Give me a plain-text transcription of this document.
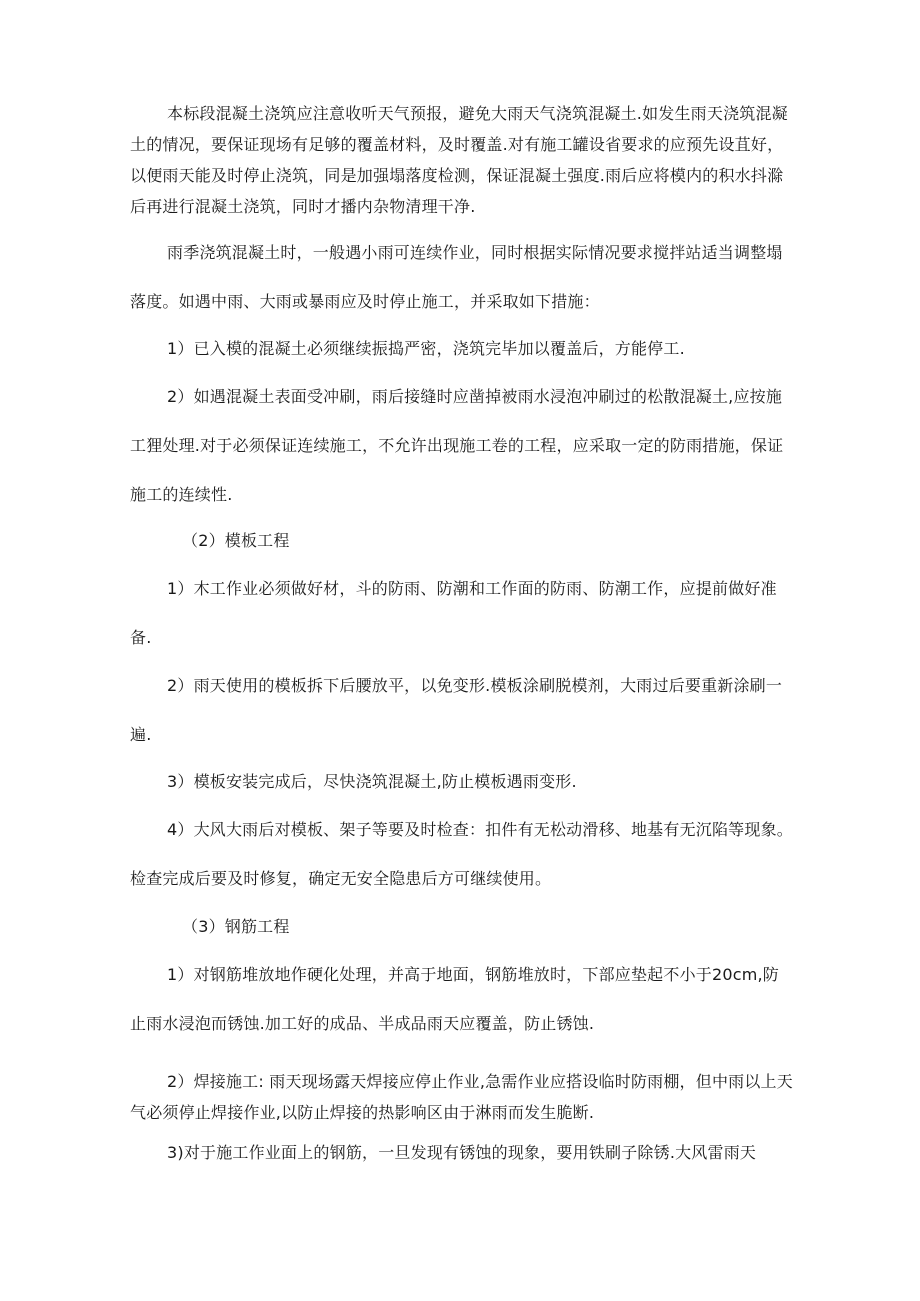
本标段混凝土浇筑应注意收听天气预报，避免大雨天气浇筑混凝土.如发生雨天浇筑混凝土的情况，要保证现场有足够的覆盖材料，及时覆盖.对有施工罐设省要求的应预先设苴好，以便雨天能及时停止浇筑，同是加强塌落度检测，保证混凝土强度.雨后应将模内的积水抖滁后再进行混凝土浇筑，同时才播内杂物清理干净.

雨季浇筑混凝土时，一般遇小雨可连续作业，同时根据实际情况要求搅拌站适当调整塌落度。如遇中雨、大雨或暴雨应及时停止施工，并采取如下措施：

1）已入模的混凝土必须继续振捣严密，浇筑完毕加以覆盖后，方能停工.

2）如遇混凝土表面受冲刷，雨后接缝时应凿掉被雨水浸泡冲刷过的松散混凝土,应按施工狸处理.对于必须保证连续施工，不允许出现施工卷的工程，应采取一定的防雨措施，保证施工的连续性.

（2）模板工程

1）木工作业必须做好材，斗的防雨、防潮和工作面的防雨、防潮工作，应提前做好准备.

2）雨天使用的模板拆下后腰放平，以免变形.模板涂刷脱模剂，大雨过后要重新涂刷一遍.

3）模板安装完成后，尽快浇筑混凝土,防止模板遇雨变形.

4）大风大雨后对模板、架子等要及时检查：扣件有无松动滑移、地基有无沉陷等现象。检查完成后要及时修复，确定无安全隐患后方可继续使用。

（3）钢筋工程

1）对钢筋堆放地作硬化处理，并高于地面，钢筋堆放时，下部应垫起不小于20cm,防止雨水浸泡而锈蚀.加工好的成品、半成品雨天应覆盖，防止锈蚀.

2）焊接施工: 雨天现场露天焊接应停止作业,急需作业应搭设临时防雨棚，但中雨以上天气必须停止焊接作业,以防止焊接的热影响区由于淋雨而发生脆断.

3)对于施工作业面上的钢筋，一旦发现有锈蚀的现象，要用铁刷子除锈.大风雷雨天
